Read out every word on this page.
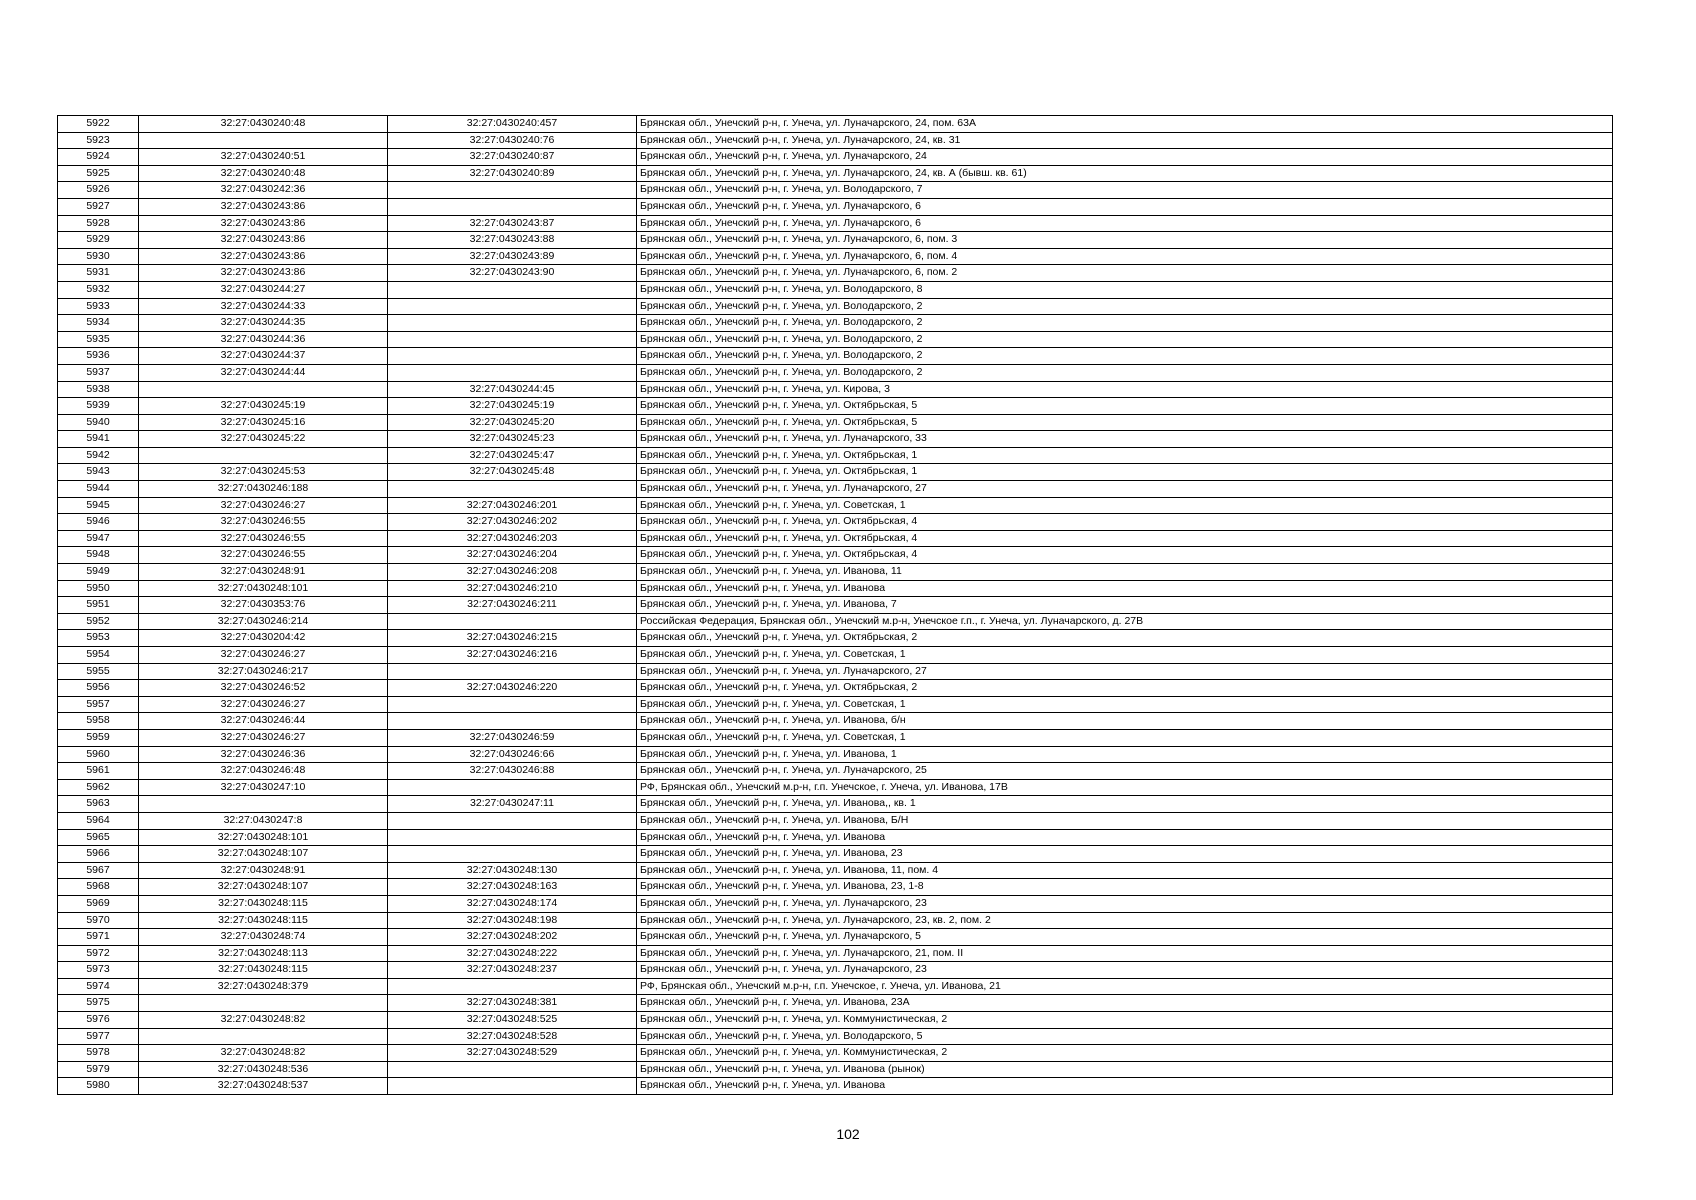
5922	32:27:0430240:48	32:27:0430240:457	Брянская обл., Унечский р-н, г. Унеча, ул. Луначарского, 24, пом. 63А
5923		32:27:0430240:76	Брянская обл., Унечский р-н, г. Унеча, ул. Луначарского, 24, кв. 31
5924	32:27:0430240:51	32:27:0430240:87	Брянская обл., Унечский р-н, г. Унеча, ул. Луначарского, 24
5925	32:27:0430240:48	32:27:0430240:89	Брянская обл., Унечский р-н, г. Унеча, ул. Луначарского, 24, кв. А (бывш. кв. 61)
5926	32:27:0430242:36		Брянская обл., Унечский р-н, г. Унеча, ул. Володарского, 7
5927	32:27:0430243:86		Брянская обл., Унечский р-н, г. Унеча, ул. Луначарского, 6
5928	32:27:0430243:86	32:27:0430243:87	Брянская обл., Унечский р-н, г. Унеча, ул. Луначарского, 6
5929	32:27:0430243:86	32:27:0430243:88	Брянская обл., Унечский р-н, г. Унеча, ул. Луначарского, 6, пом. 3
5930	32:27:0430243:86	32:27:0430243:89	Брянская обл., Унечский р-н, г. Унеча, ул. Луначарского, 6, пом. 4
5931	32:27:0430243:86	32:27:0430243:90	Брянская обл., Унечский р-н, г. Унеча, ул. Луначарского, 6, пом. 2
5932	32:27:0430244:27		Брянская обл., Унечский р-н, г. Унеча, ул. Володарского, 8
5933	32:27:0430244:33		Брянская обл., Унечский р-н, г. Унеча, ул. Володарского, 2
5934	32:27:0430244:35		Брянская обл., Унечский р-н, г. Унеча, ул. Володарского, 2
5935	32:27:0430244:36		Брянская обл., Унечский р-н, г. Унеча, ул. Володарского, 2
5936	32:27:0430244:37		Брянская обл., Унечский р-н, г. Унеча, ул. Володарского, 2
5937	32:27:0430244:44		Брянская обл., Унечский р-н, г. Унеча, ул. Володарского, 2
5938		32:27:0430244:45	Брянская обл., Унечский р-н, г. Унеча, ул. Кирова, 3
5939	32:27:0430245:19	32:27:0430245:19	Брянская обл., Унечский р-н, г. Унеча, ул. Октябрьская, 5
5940	32:27:0430245:16	32:27:0430245:20	Брянская обл., Унечский р-н, г. Унеча, ул. Октябрьская, 5
5941	32:27:0430245:22	32:27:0430245:23	Брянская обл., Унечский р-н, г. Унеча, ул. Луначарского, 33
5942		32:27:0430245:47	Брянская обл., Унечский р-н, г. Унеча, ул. Октябрьская, 1
5943	32:27:0430245:53	32:27:0430245:48	Брянская обл., Унечский р-н, г. Унеча, ул. Октябрьская, 1
5944	32:27:0430246:188		Брянская обл., Унечский р-н, г. Унеча, ул. Луначарского, 27
5945	32:27:0430246:27	32:27:0430246:201	Брянская обл., Унечский р-н, г. Унеча, ул. Советская, 1
5946	32:27:0430246:55	32:27:0430246:202	Брянская обл., Унечский р-н, г. Унеча, ул. Октябрьская, 4
5947	32:27:0430246:55	32:27:0430246:203	Брянская обл., Унечский р-н, г. Унеча, ул. Октябрьская, 4
5948	32:27:0430246:55	32:27:0430246:204	Брянская обл., Унечский р-н, г. Унеча, ул. Октябрьская, 4
5949	32:27:0430248:91	32:27:0430246:208	Брянская обл., Унечский р-н, г. Унеча, ул. Иванова, 11
5950	32:27:0430248:101	32:27:0430246:210	Брянская обл., Унечский р-н, г. Унеча, ул. Иванова
5951	32:27:0430353:76	32:27:0430246:211	Брянская обл., Унечский р-н, г. Унеча, ул. Иванова, 7
5952	32:27:0430246:214		Российская Федерация, Брянская обл., Унечский м.р-н, Унечское г.п., г. Унеча, ул. Луначарского, д. 27В
5953	32:27:0430204:42	32:27:0430246:215	Брянская обл., Унечский р-н, г. Унеча, ул. Октябрьская, 2
5954	32:27:0430246:27	32:27:0430246:216	Брянская обл., Унечский р-н, г. Унеча, ул. Советская, 1
5955	32:27:0430246:217		Брянская обл., Унечский р-н, г. Унеча, ул. Луначарского, 27
5956	32:27:0430246:52	32:27:0430246:220	Брянская обл., Унечский р-н, г. Унеча, ул. Октябрьская, 2
5957	32:27:0430246:27		Брянская обл., Унечский р-н, г. Унеча, ул. Советская, 1
5958	32:27:0430246:44		Брянская обл., Унечский р-н, г. Унеча, ул. Иванова, б/н
5959	32:27:0430246:27	32:27:0430246:59	Брянская обл., Унечский р-н, г. Унеча, ул. Советская, 1
5960	32:27:0430246:36	32:27:0430246:66	Брянская обл., Унечский р-н, г. Унеча, ул. Иванова, 1
5961	32:27:0430246:48	32:27:0430246:88	Брянская обл., Унечский р-н, г. Унеча, ул. Луначарского, 25
5962	32:27:0430247:10		РФ, Брянская обл., Унечский м.р-н, г.п. Унечское, г. Унеча, ул. Иванова, 17В
5963		32:27:0430247:11	Брянская обл., Унечский р-н, г. Унеча, ул. Иванова,, кв. 1
5964	32:27:0430247:8		Брянская обл., Унечский р-н, г. Унеча, ул. Иванова, Б/Н
5965	32:27:0430248:101		Брянская обл., Унечский р-н, г. Унеча, ул. Иванова
5966	32:27:0430248:107		Брянская обл., Унечский р-н, г. Унеча, ул. Иванова, 23
5967	32:27:0430248:91	32:27:0430248:130	Брянская обл., Унечский р-н, г. Унеча, ул. Иванова, 11, пом. 4
5968	32:27:0430248:107	32:27:0430248:163	Брянская обл., Унечский р-н, г. Унеча, ул. Иванова, 23, 1-8
5969	32:27:0430248:115	32:27:0430248:174	Брянская обл., Унечский р-н, г. Унеча, ул. Луначарского, 23
5970	32:27:0430248:115	32:27:0430248:198	Брянская обл., Унечский р-н, г. Унеча, ул. Луначарского, 23, кв. 2, пом. 2
5971	32:27:0430248:74	32:27:0430248:202	Брянская обл., Унечский р-н, г. Унеча, ул. Луначарского, 5
5972	32:27:0430248:113	32:27:0430248:222	Брянская обл., Унечский р-н, г. Унеча, ул. Луначарского, 21, пом. II
5973	32:27:0430248:115	32:27:0430248:237	Брянская обл., Унечский р-н, г. Унеча, ул. Луначарского, 23
5974	32:27:0430248:379		РФ, Брянская обл., Унечский м.р-н, г.п. Унечское, г. Унеча, ул. Иванова, 21
5975		32:27:0430248:381	Брянская обл., Унечский р-н, г. Унеча, ул. Иванова, 23А
5976	32:27:0430248:82	32:27:0430248:525	Брянская обл., Унечский р-н, г. Унеча, ул. Коммунистическая, 2
5977		32:27:0430248:528	Брянская обл., Унечский р-н, г. Унеча, ул. Володарского, 5
5978	32:27:0430248:82	32:27:0430248:529	Брянская обл., Унечский р-н, г. Унеча, ул. Коммунистическая, 2
5979	32:27:0430248:536		Брянская обл., Унечский р-н, г. Унеча, ул. Иванова (рынок)
5980	32:27:0430248:537		Брянская обл., Унечский р-н, г. Унеча, ул. Иванова
102
